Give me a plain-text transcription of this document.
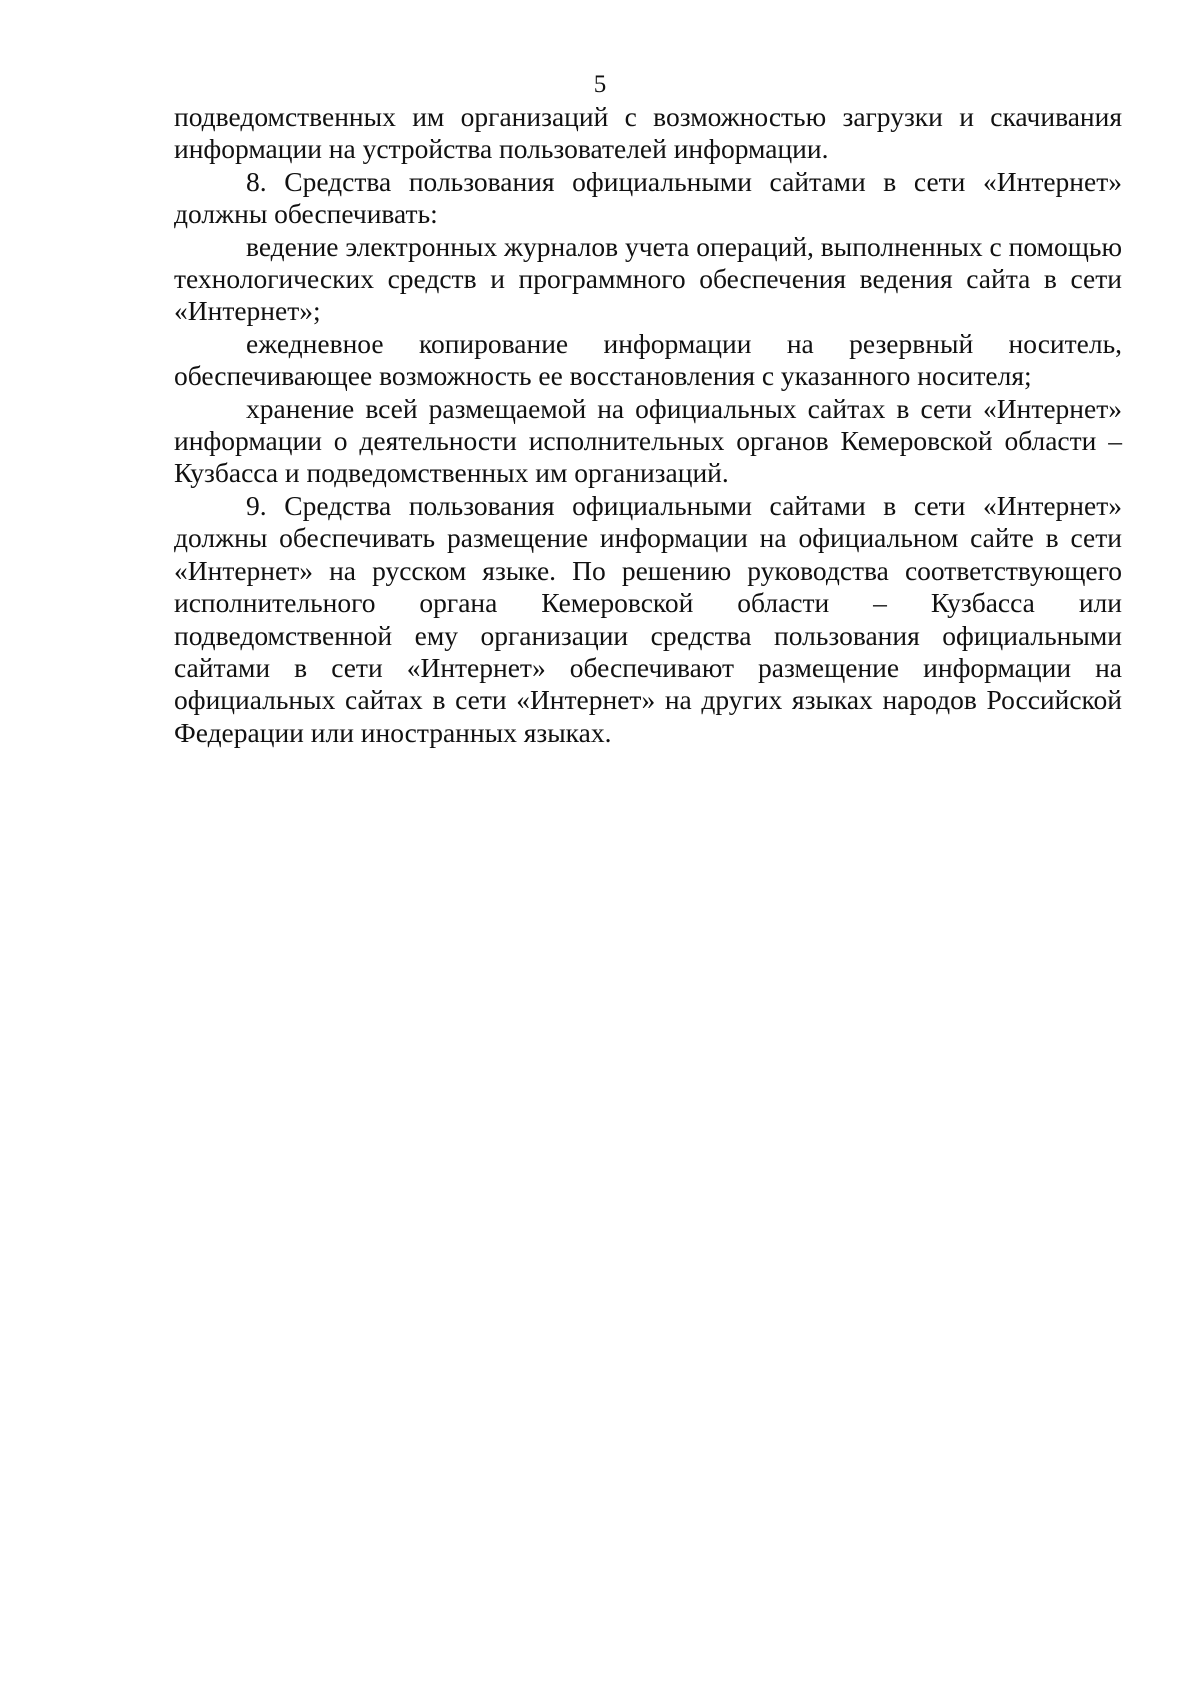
5

подведомственных им организаций с возможностью загрузки и скачивания информации на устройства пользователей информации.

8. Средства пользования официальными сайтами в сети «Интернет» должны обеспечивать:

ведение электронных журналов учета операций, выполненных с помощью технологических средств и программного обеспечения ведения сайта в сети «Интернет»;

ежедневное копирование информации на резервный носитель, обеспечивающее возможность ее восстановления с указанного носителя;

хранение всей размещаемой на официальных сайтах в сети «Интернет» информации о деятельности исполнительных органов Кемеровской области – Кузбасса и подведомственных им организаций.

9. Средства пользования официальными сайтами в сети «Интернет» должны обеспечивать размещение информации на официальном сайте в сети «Интернет» на русском языке. По решению руководства соответствующего исполнительного органа Кемеровской области – Кузбасса или подведомственной ему организации средства пользования официальными сайтами в сети «Интернет» обеспечивают размещение информации на официальных сайтах в сети «Интернет» на других языках народов Российской Федерации или иностранных языках.
